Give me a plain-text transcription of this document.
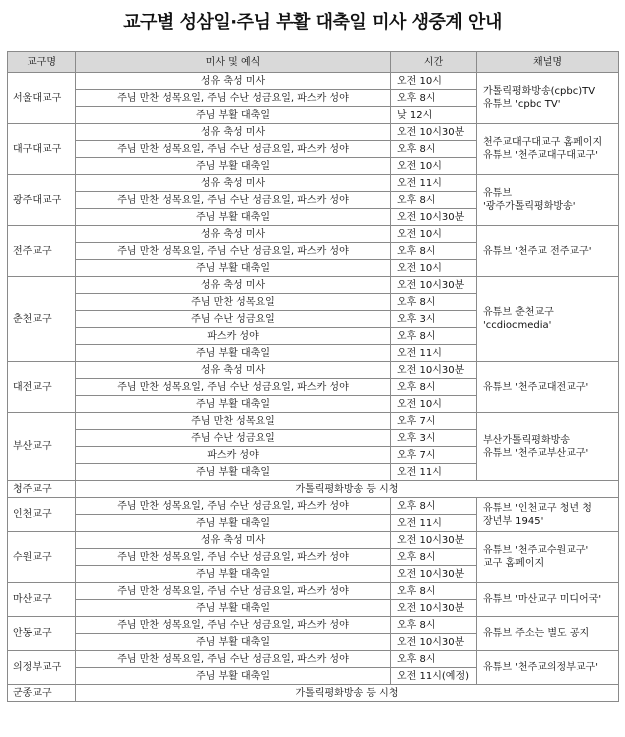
교구별 성삼일·주님 부활 대축일 미사 생중계 안내
교구명	미사 및 예식	시간	채널명
서울대교구	성유 축성 미사	오전 10시	가톨릭평화방송(cpbc)TV
유튜브 'cpbc TV'

	주님 만찬 성목요일, 주님 수난 성금요일, 파스카 성야	오후 8시	
	주님 부활 대축일	낮 12시	
대구대교구	성유 축성 미사	오전 10시30분	천주교대구대교구 홈페이지
유튜브 '천주교대구대교구'

	주님 만찬 성목요일, 주님 수난 성금요일, 파스카 성야	오후 8시	
	주님 부활 대축일	오전 10시	
광주대교구	성유 축성 미사	오전 11시	유튜브
'광주가톨릭평화방송'

	주님 만찬 성목요일, 주님 수난 성금요일, 파스카 성야	오후 8시	
	주님 부활 대축일	오전 10시30분	
전주교구	성유 축성 미사	오전 10시	유튜브 '천주교 전주교구'

	주님 만찬 성목요일, 주님 수난 성금요일, 파스카 성야	오후 8시	
	주님 부활 대축일	오전 10시	
춘천교구	성유 축성 미사	오전 10시30분	유튜브 춘천교구
'ccdiocmedia'

	주님 만찬 성목요일	오후 8시	
	주님 수난 성금요일	오후 3시	
	파스카 성야	오후 8시	
	주님 부활 대축일	오전 11시	
대전교구	성유 축성 미사	오전 10시30분	유튜브 '천주교대전교구'

	주님 만찬 성목요일, 주님 수난 성금요일, 파스카 성야	오후 8시	
	주님 부활 대축일	오전 10시	
부산교구	주님 만찬 성목요일	오후 7시	부산가톨릭평화방송
유튜브 '천주교부산교구'

	주님 수난 성금요일	오후 3시	
	파스카 성야	오후 7시	
	주님 부활 대축일	오전 11시	
청주교구	가톨릭평화방송 등 시청		
인천교구	주님 만찬 성목요일, 주님 수난 성금요일, 파스카 성야	오후 8시	유튜브 '인천교구 청년 청
장년부 1945'

	주님 부활 대축일	오전 11시	
수원교구	성유 축성 미사	오전 10시30분	유튜브 '천주교수원교구'
교구 홈페이지

	주님 만찬 성목요일, 주님 수난 성금요일, 파스카 성야	오후 8시	
	주님 부활 대축일	오전 10시30분	
마산교구	주님 만찬 성목요일, 주님 수난 성금요일, 파스카 성야	오후 8시	유튜브 '마산교구 미디어국'

	주님 부활 대축일	오전 10시30분	
안동교구	주님 만찬 성목요일, 주님 수난 성금요일, 파스카 성야	오후 8시	유튜브 주소는 별도 공지

	주님 부활 대축일	오전 10시30분	
의정부교구	주님 만찬 성목요일, 주님 수난 성금요일, 파스카 성야	오후 8시	유튜브 '천주교의정부교구'

	주님 부활 대축일	오전 11시(예정)	
군종교구	가톨릭평화방송 등 시청		
